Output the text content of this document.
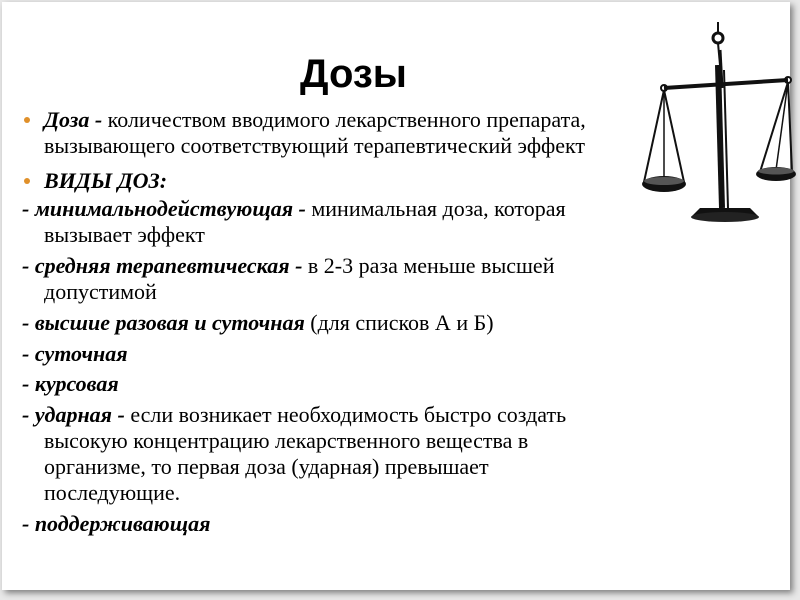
Дозы
Доза - количеством вводимого лекарственного препарата,
вызывающего соответствующий терапевтический эффект
ВИДЫ ДОЗ:
- минимальнодействующая - минимальная доза, которая
вызывает эффект
- средняя терапевтическая - в 2-3 раза меньше высшей
допустимой
- высшие разовая и суточная (для списков А и Б)
- суточная
- курсовая
- ударная - если возникает необходимость быстро создать
высокую концентрацию лекарственного вещества в
организме, то первая доза (ударная) превышает
последующие.
- поддерживающая
